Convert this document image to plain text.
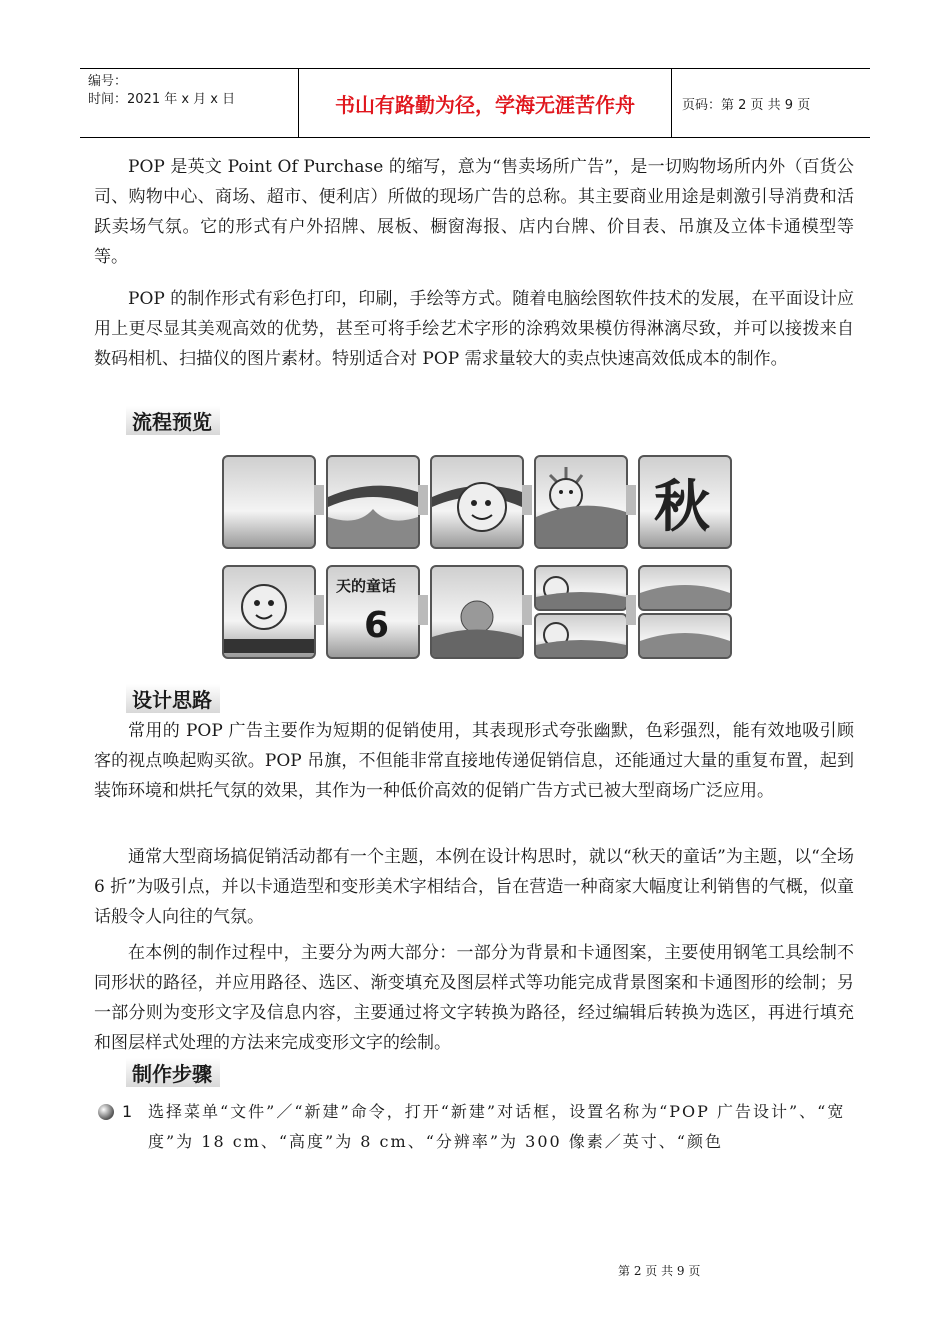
编号：
时间：2021 年 x 月 x 日	书山有路勤为径，学海无涯苦作舟	页码：第 2 页 共 9 页
POP 是英文 Point Of Purchase 的缩写，意为“售卖场所广告”，是一切购物场所内外（百货公司、购物中心、商场、超市、便利店）所做的现场广告的总称。其主要商业用途是刺激引导消费和活跃卖场气氛。它的形式有户外招牌、展板、橱窗海报、店内台牌、价目表、吊旗及立体卡通模型等等。
POP 的制作形式有彩色打印，印刷，手绘等方式。随着电脑绘图软件技术的发展，在平面设计应用上更尽显其美观高效的优势，甚至可将手绘艺术字形的涂鸦效果模仿得淋漓尽致，并可以接拨来自数码相机、扫描仪的图片素材。特别适合对 POP 需求量较大的卖点快速高效低成本的制作。
流程预览
秋
天的童话
6
设计思路
常用的 POP 广告主要作为短期的促销使用，其表现形式夸张幽默，色彩强烈，能有效地吸引顾客的视点唤起购买欲。POP 吊旗，不但能非常直接地传递促销信息，还能通过大量的重复布置，起到装饰环境和烘托气氛的效果，其作为一种低价高效的促销广告方式已被大型商场广泛应用。
通常大型商场搞促销活动都有一个主题，本例在设计构思时，就以“秋天的童话”为主题，以“全场 6 折”为吸引点，并以卡通造型和变形美术字相结合，旨在营造一种商家大幅度让利销售的气概，似童话般令人向往的气氛。
在本例的制作过程中，主要分为两大部分：一部分为背景和卡通图案，主要使用钢笔工具绘制不同形状的路径，并应用路径、选区、渐变填充及图层样式等功能完成背景图案和卡通图形的绘制；另一部分则为变形文字及信息内容，主要通过将文字转换为路径，经过编辑后转换为选区，再进行填充和图层样式处理的方法来完成变形文字的绘制。
制作步骤
1 选择菜单“文件”／“新建”命令，打开“新建”对话框，设置名称为“POP 广告设计”、“宽度”为 18 cm、“高度”为 8 cm、“分辨率”为 300 像素／英寸、“颜色
第 2 页 共 9 页
